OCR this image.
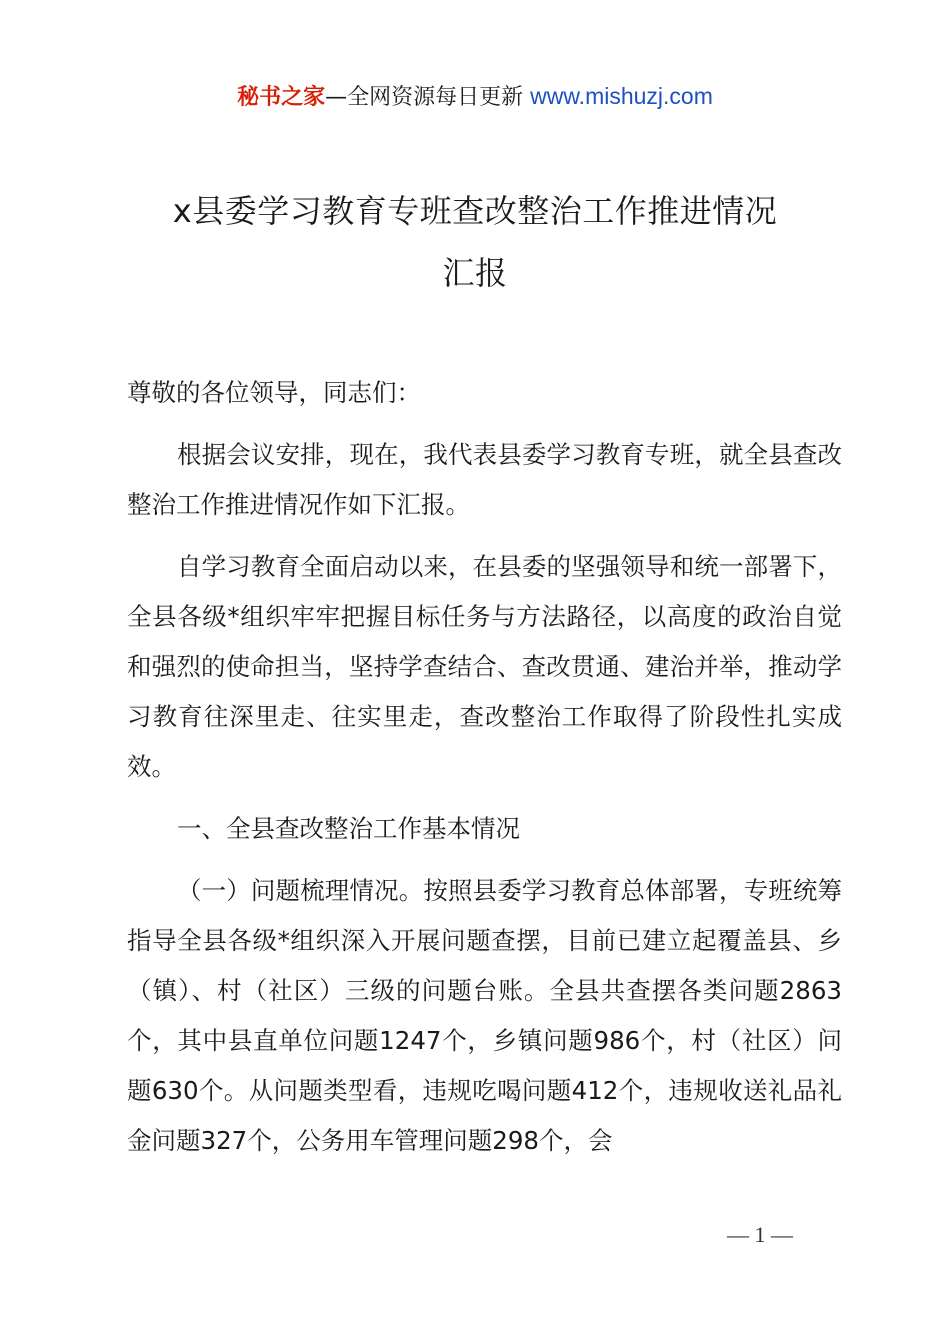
秘书之家—全网资源每日更新 www.mishuzj.com
x县委学习教育专班查改整治工作推进情况
汇报

尊敬的各位领导，同志们：

根据会议安排，现在，我代表县委学习教育专班，就全县查改整治工作推进情况作如下汇报。

自学习教育全面启动以来，在县委的坚强领导和统一部署下，全县各级*组织牢牢把握目标任务与方法路径，以高度的政治自觉和强烈的使命担当，坚持学查结合、查改贯通、建治并举，推动学习教育往深里走、往实里走，查改整治工作取得了阶段性扎实成效。

一、全县查改整治工作基本情况

（一）问题梳理情况。按照县委学习教育总体部署，专班统筹指导全县各级*组织深入开展问题查摆，目前已建立起覆盖县、乡（镇）、村（社区）三级的问题台账。全县共查摆各类问题2863个，其中县直单位问题1247个，乡镇问题986个，村（社区）问题630个。从问题类型看，违规吃喝问题412个，违规收送礼品礼金问题327个，公务用车管理问题298个，会

— 1 —
